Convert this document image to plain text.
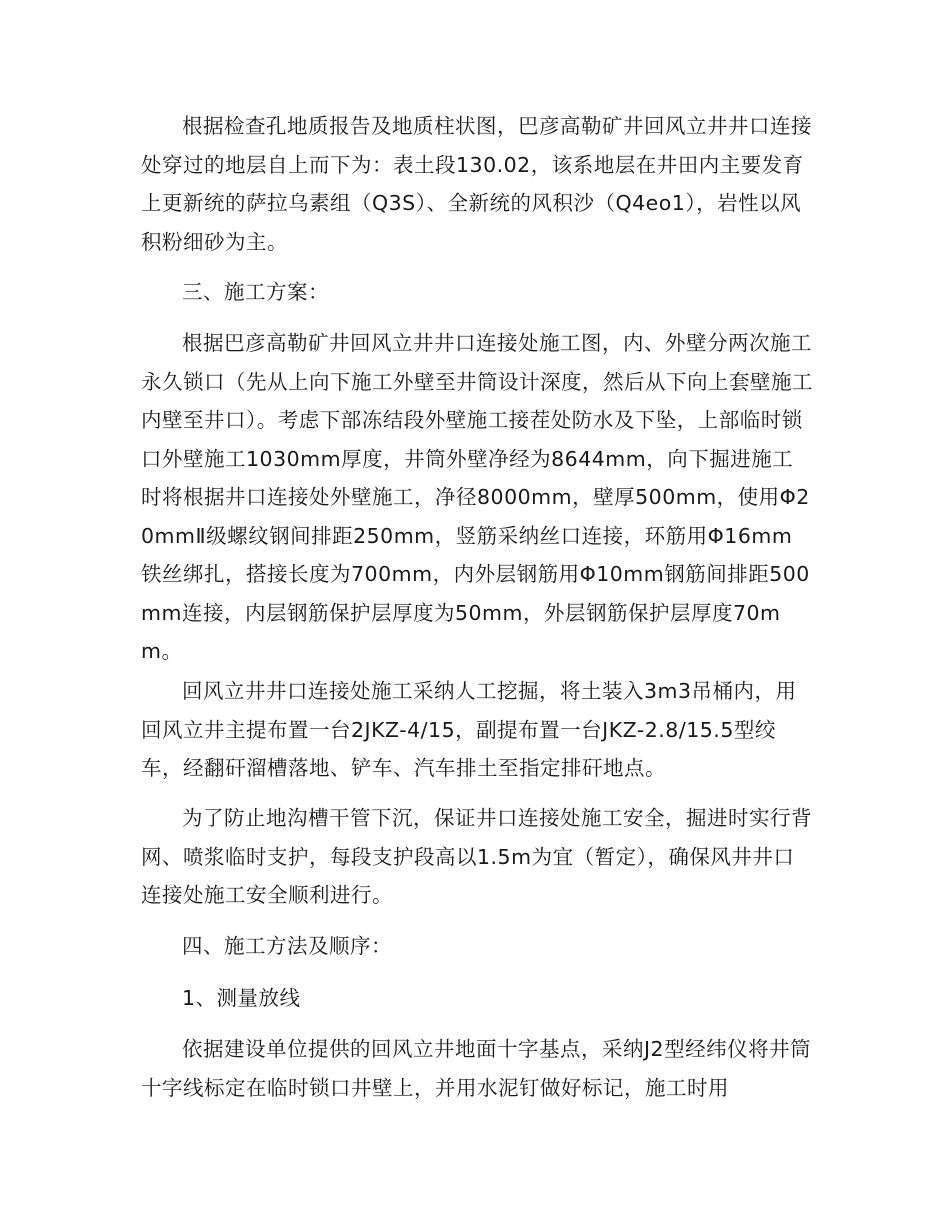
根据检查孔地质报告及地质柱状图，巴彦高勒矿井回风立井井口连接处穿过的地层自上而下为：表土段130.02，该系地层在井田内主要发育上更新统的萨拉乌素组（Q3S）、全新统的风积沙（Q4eo1），岩性以风积粉细砂为主。

三、施工方案：

根据巴彦高勒矿井回风立井井口连接处施工图，内、外壁分两次施工永久锁口（先从上向下施工外壁至井筒设计深度，然后从下向上套壁施工内壁至井口）。考虑下部冻结段外壁施工接茬处防水及下坠，上部临时锁口外壁施工1030mm厚度，井筒外壁净经为8644mm，向下掘进施工时将根据井口连接处外壁施工，净径8000mm，壁厚500mm，使用Φ20mmⅡ级螺纹钢间排距250mm，竖筋采纳丝口连接，环筋用Φ16mm铁丝绑扎，搭接长度为700mm，内外层钢筋用Φ10mm钢筋间排距500mm连接，内层钢筋保护层厚度为50mm，外层钢筋保护层厚度70mm。

回风立井井口连接处施工采纳人工挖掘，将土装入3m3吊桶内，用回风立井主提布置一台2JKZ-4/15，副提布置一台JKZ-2.8/15.5型绞车，经翻矸溜槽落地、铲车、汽车排土至指定排矸地点。

为了防止地沟槽干管下沉，保证井口连接处施工安全，掘进时实行背网、喷浆临时支护，每段支护段高以1.5m为宜（暂定），确保风井井口连接处施工安全顺利进行。

四、施工方法及顺序：

1、测量放线

依据建设单位提供的回风立井地面十字基点，采纳J2型经纬仪将井筒十字线标定在临时锁口井壁上，并用水泥钉做好标记，施工时用
